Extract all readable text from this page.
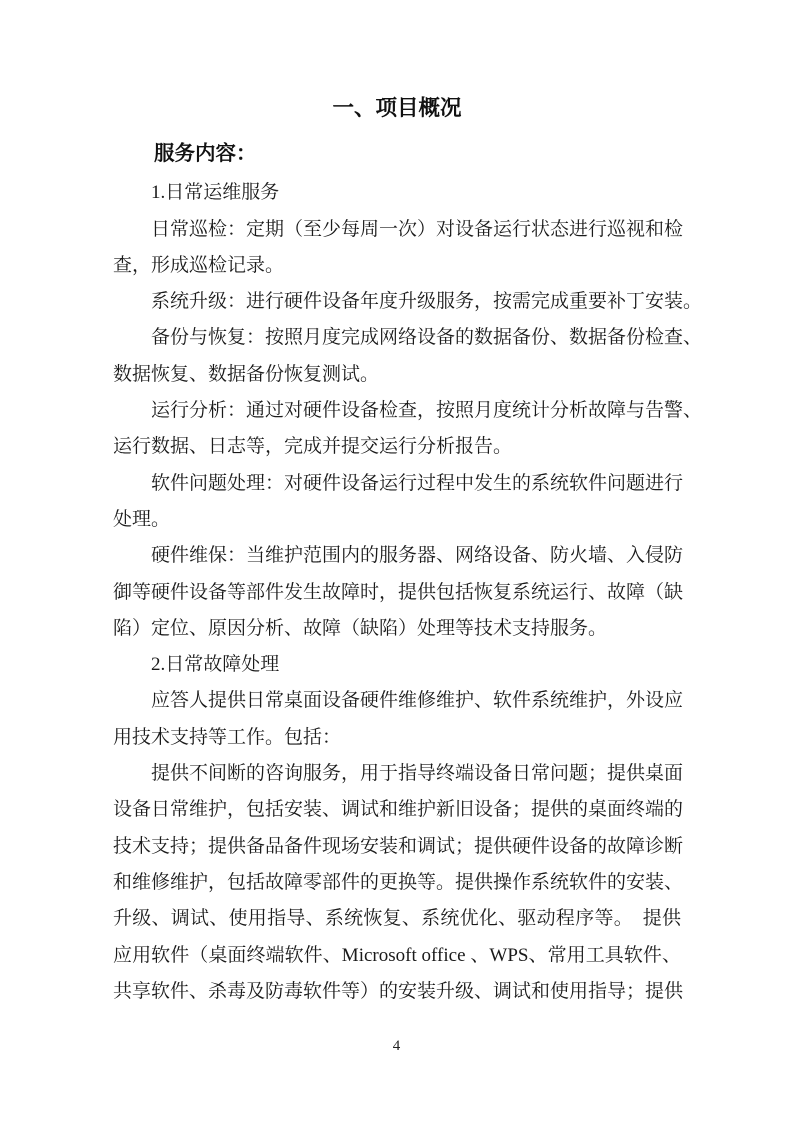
一、项目概况
服务内容：
1.日常运维服务
日常巡检：定期（至少每周一次）对设备运行状态进行巡视和检
查，形成巡检记录。
系统升级：进行硬件设备年度升级服务，按需完成重要补丁安装。
备份与恢复：按照月度完成网络设备的数据备份、数据备份检查、
数据恢复、数据备份恢复测试。
运行分析：通过对硬件设备检查，按照月度统计分析故障与告警、
运行数据、日志等，完成并提交运行分析报告。
软件问题处理：对硬件设备运行过程中发生的系统软件问题进行
处理。
硬件维保：当维护范围内的服务器、网络设备、防火墙、入侵防
御等硬件设备等部件发生故障时，提供包括恢复系统运行、故障（缺
陷）定位、原因分析、故障（缺陷）处理等技术支持服务。
2.日常故障处理
应答人提供日常桌面设备硬件维修维护、软件系统维护，外设应
用技术支持等工作。包括：
提供不间断的咨询服务，用于指导终端设备日常问题；提供桌面
设备日常维护，包括安装、调试和维护新旧设备；提供的桌面终端的
技术支持；提供备品备件现场安装和调试；提供硬件设备的故障诊断
和维修维护，包括故障零部件的更换等。提供操作系统软件的安装、
升级、调试、使用指导、系统恢复、系统优化、驱动程序等。　提供
应用软件（桌面终端软件、Microsoft office 、WPS、常用工具软件、
共享软件、杀毒及防毒软件等）的安装升级、调试和使用指导；提供
4
